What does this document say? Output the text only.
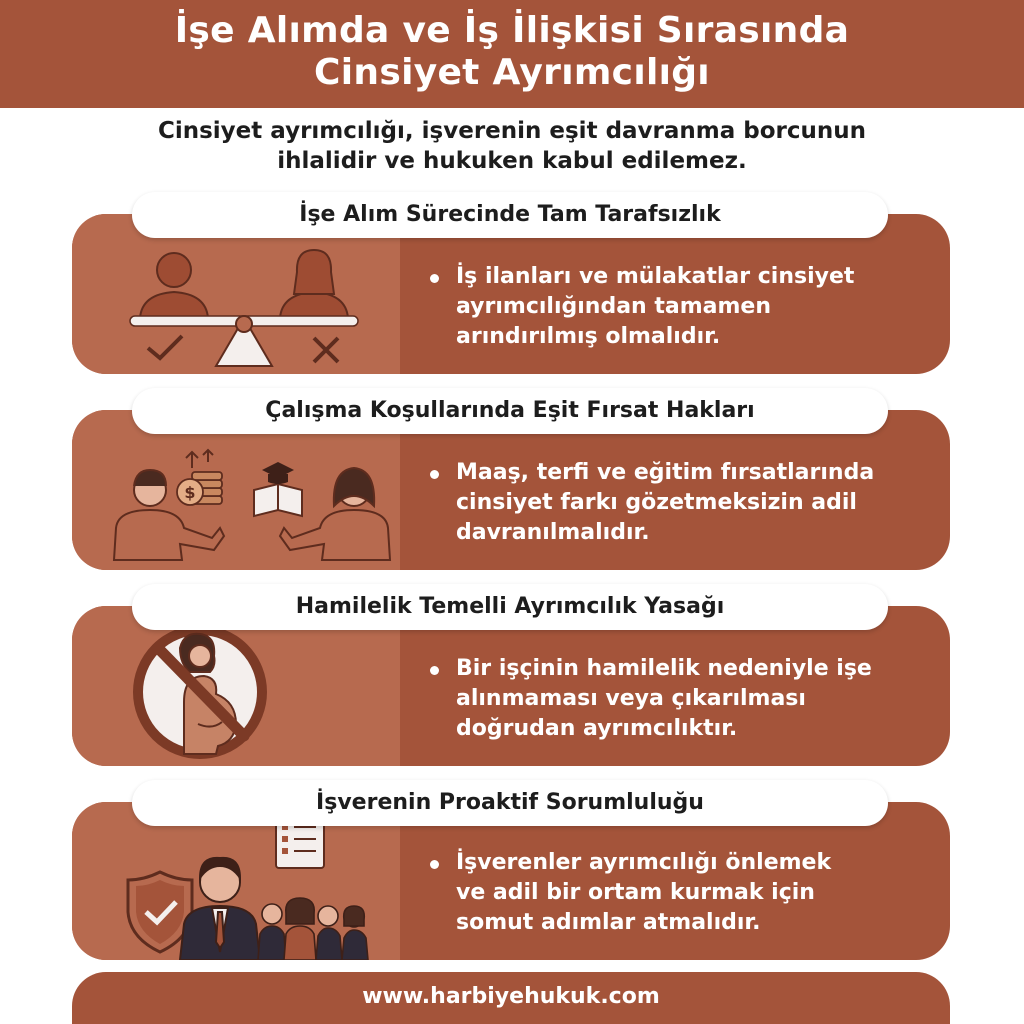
İşe Alımda ve İş İlişkisi Sırasında
Cinsiyet Ayrımcılığı
Cinsiyet ayrımcılığı, işverenin eşit davranma borcunun
ihlalidir ve hukuken kabul edilemez.
İşe Alım Sürecinde Tam Tarafsızlık
İş ilanları ve mülakatlar cinsiyet
ayrımcılığından tamamen
arındırılmış olmalıdır.
Çalışma Koşullarında Eşit Fırsat Hakları
$
Maaş, terfi ve eğitim fırsatlarında
cinsiyet farkı gözetmeksizin adil
davranılmalıdır.
Hamilelik Temelli Ayrımcılık Yasağı
Bir işçinin hamilelik nedeniyle işe
alınmaması veya çıkarılması
doğrudan ayrımcılıktır.
İşverenin Proaktif Sorumluluğu
İşverenler ayrımcılığı önlemek
ve adil bir ortam kurmak için
somut adımlar atmalıdır.
www.harbiyehukuk.com
